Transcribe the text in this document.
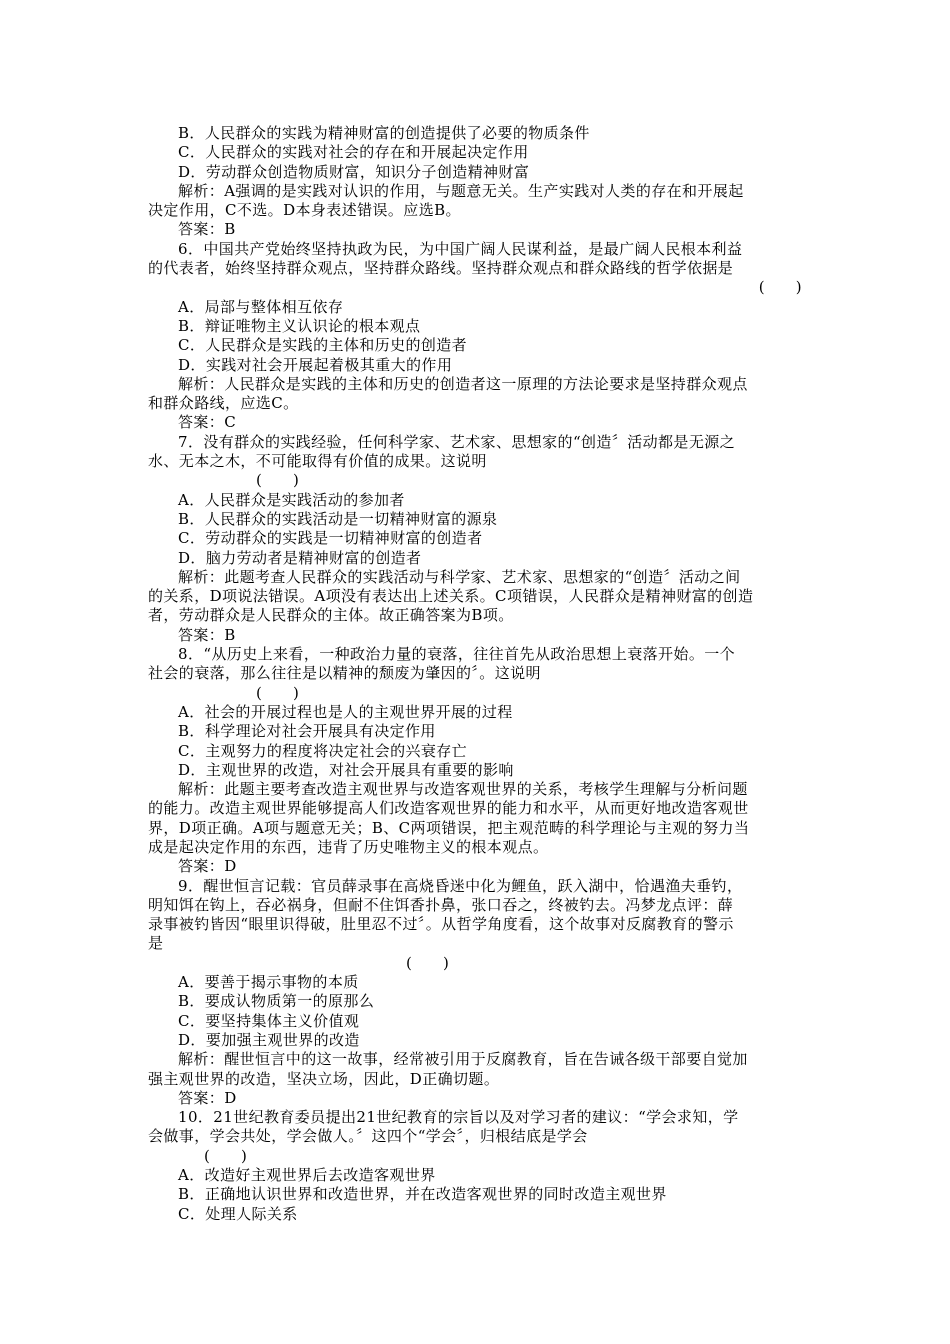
B．人民群众的实践为精神财富的创造提供了必要的物质条件
C．人民群众的实践对社会的存在和开展起决定作用
D．劳动群众创造物质财富，知识分子创造精神财富
解析：A强调的是实践对认识的作用，与题意无关。生产实践对人类的存在和开展起
决定作用，C不选。D本身表述错误。应选B。
答案：B
6．中国共产党始终坚持执政为民，为中国广阔人民谋利益，是最广阔人民根本利益
的代表者，始终坚持群众观点，坚持群众路线。坚持群众观点和群众路线的哲学依据是
(　　)
A．局部与整体相互依存
B．辩证唯物主义认识论的根本观点
C．人民群众是实践的主体和历史的创造者
D．实践对社会开展起着极其重大的作用
解析：人民群众是实践的主体和历史的创造者这一原理的方法论要求是坚持群众观点
和群众路线，应选C。
答案：C
7．没有群众的实践经验，任何科学家、艺术家、思想家的“创造〞活动都是无源之
水、无本之木，不可能取得有价值的成果。这说明
(　　)
A．人民群众是实践活动的参加者
B．人民群众的实践活动是一切精神财富的源泉
C．劳动群众的实践是一切精神财富的创造者
D．脑力劳动者是精神财富的创造者
解析：此题考查人民群众的实践活动与科学家、艺术家、思想家的“创造〞活动之间
的关系，D项说法错误。A项没有表达出上述关系。C项错误，人民群众是精神财富的创造
者，劳动群众是人民群众的主体。故正确答案为B项。
答案：B
8．“从历史上来看，一种政治力量的衰落，往往首先从政治思想上衰落开始。一个
社会的衰落，那么往往是以精神的颓废为肇因的〞。这说明
(　　)
A．社会的开展过程也是人的主观世界开展的过程
B．科学理论对社会开展具有决定作用
C．主观努力的程度将决定社会的兴衰存亡
D．主观世界的改造，对社会开展具有重要的影响
解析：此题主要考查改造主观世界与改造客观世界的关系，考核学生理解与分析问题
的能力。改造主观世界能够提高人们改造客观世界的能力和水平，从而更好地改造客观世
界，D项正确。A项与题意无关；B、C两项错误，把主观范畴的科学理论与主观的努力当
成是起决定作用的东西，违背了历史唯物主义的根本观点。
答案：D
9．醒世恒言记载：官员薛录事在高烧昏迷中化为鲤鱼，跃入湖中，恰遇渔夫垂钓，
明知饵在钩上，吞必祸身，但耐不住饵香扑鼻，张口吞之，终被钓去。冯梦龙点评：薛
录事被钓皆因“眼里识得破，肚里忍不过〞。从哲学角度看，这个故事对反腐教育的警示
是
(　　)
A．要善于揭示事物的本质
B．要成认物质第一的原那么
C．要坚持集体主义价值观
D．要加强主观世界的改造
解析：醒世恒言中的这一故事，经常被引用于反腐教育，旨在告诫各级干部要自觉加
强主观世界的改造，坚决立场，因此，D正确切题。
答案：D
10．21世纪教育委员提出21世纪教育的宗旨以及对学习者的建议：“学会求知，学
会做事，学会共处，学会做人。〞这四个“学会〞，归根结底是学会
(　　)
A．改造好主观世界后去改造客观世界
B．正确地认识世界和改造世界，并在改造客观世界的同时改造主观世界
C．处理人际关系
